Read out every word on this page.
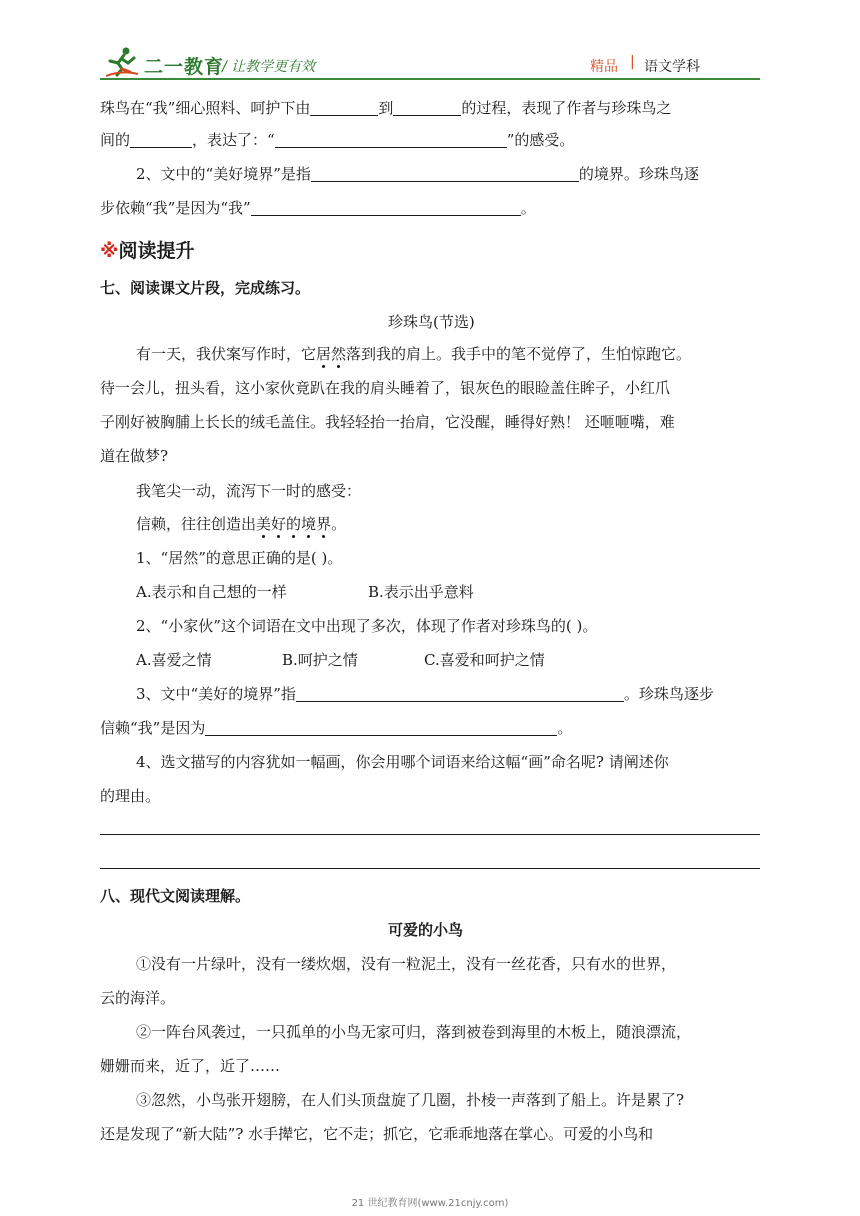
二一教育
/ 让教学更有效	精品 | 语文学科
珠鸟在“我”细心照料、呵护下由	到	的过程，表现了作者与珍珠鸟之
间的	，表达了：“	”的感受。
2、文中的“美好境界”是指	的境界。珍珠鸟逐
步依赖“我”是因为“我”	。
※阅读提升
七、阅读课文片段，完成练习。
珍珠鸟(节选)
有一天，我伏案写作时，它居然落到我的肩上。我手中的笔不觉停了，生怕惊跑它。
待一会儿，扭头看，这小家伙竟趴在我的肩头睡着了，银灰色的眼睑盖住眸子，小红爪
子刚好被胸脯上长长的绒毛盖住。我轻轻抬一抬肩，它没醒，睡得好熟！ 还咂咂嘴，难
道在做梦?
我笔尖一动，流泻下一时的感受：
信赖，往往创造出美好的境界。
1、“居然”的意思正确的是( )。
A.表示和自己想的一样	B.表示出乎意料
2、“小家伙”这个词语在文中出现了多次，体现了作者对珍珠鸟的( )。
A.喜爱之情	B.呵护之情	C.喜爱和呵护之情
3、文中“美好的境界”指	。珍珠鸟逐步
信赖“我”是因为	。
4、选文描写的内容犹如一幅画，你会用哪个词语来给这幅“画”命名呢? 请阐述你
的理由。
八、现代文阅读理解。
可爱的小鸟
①没有一片绿叶，没有一缕炊烟，没有一粒泥土，没有一丝花香，只有水的世界，
云的海洋。
②一阵台风袭过，一只孤单的小鸟无家可归，落到被卷到海里的木板上，随浪漂流，
姗姗而来，近了，近了……
③忽然，小鸟张开翅膀，在人们头顶盘旋了几圈，扑棱一声落到了船上。许是累了?
还是发现了“新大陆”? 水手撵它，它不走；抓它，它乖乖地落在掌心。可爱的小鸟和
21 世纪教育网(www.21cnjy.com)
